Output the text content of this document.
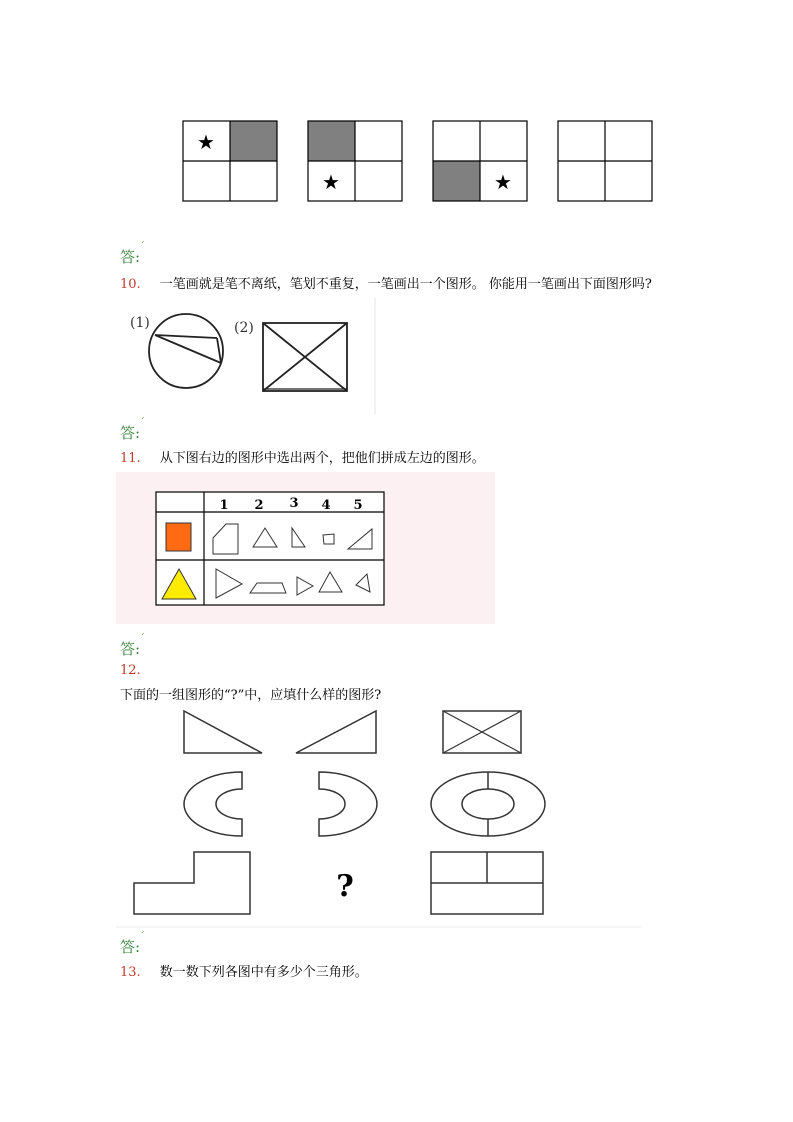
★
★	★
答:$^ˊ$
10. 一笔画就是笔不离纸，笔划不重复，一笔画出一个图形。 你能用一笔画出下面图形吗?
(1)	(2)
答:$^ˊ$
11. 从下图右边的图形中选出两个，把他们拼成左边的图形。
1 2 3 4 5
答:$^ˊ$
12.
下面的一组图形的“?”中，应填什么样的图形?
?
答:$^ˊ$
13. 数一数下列各图中有多少个三角形。
